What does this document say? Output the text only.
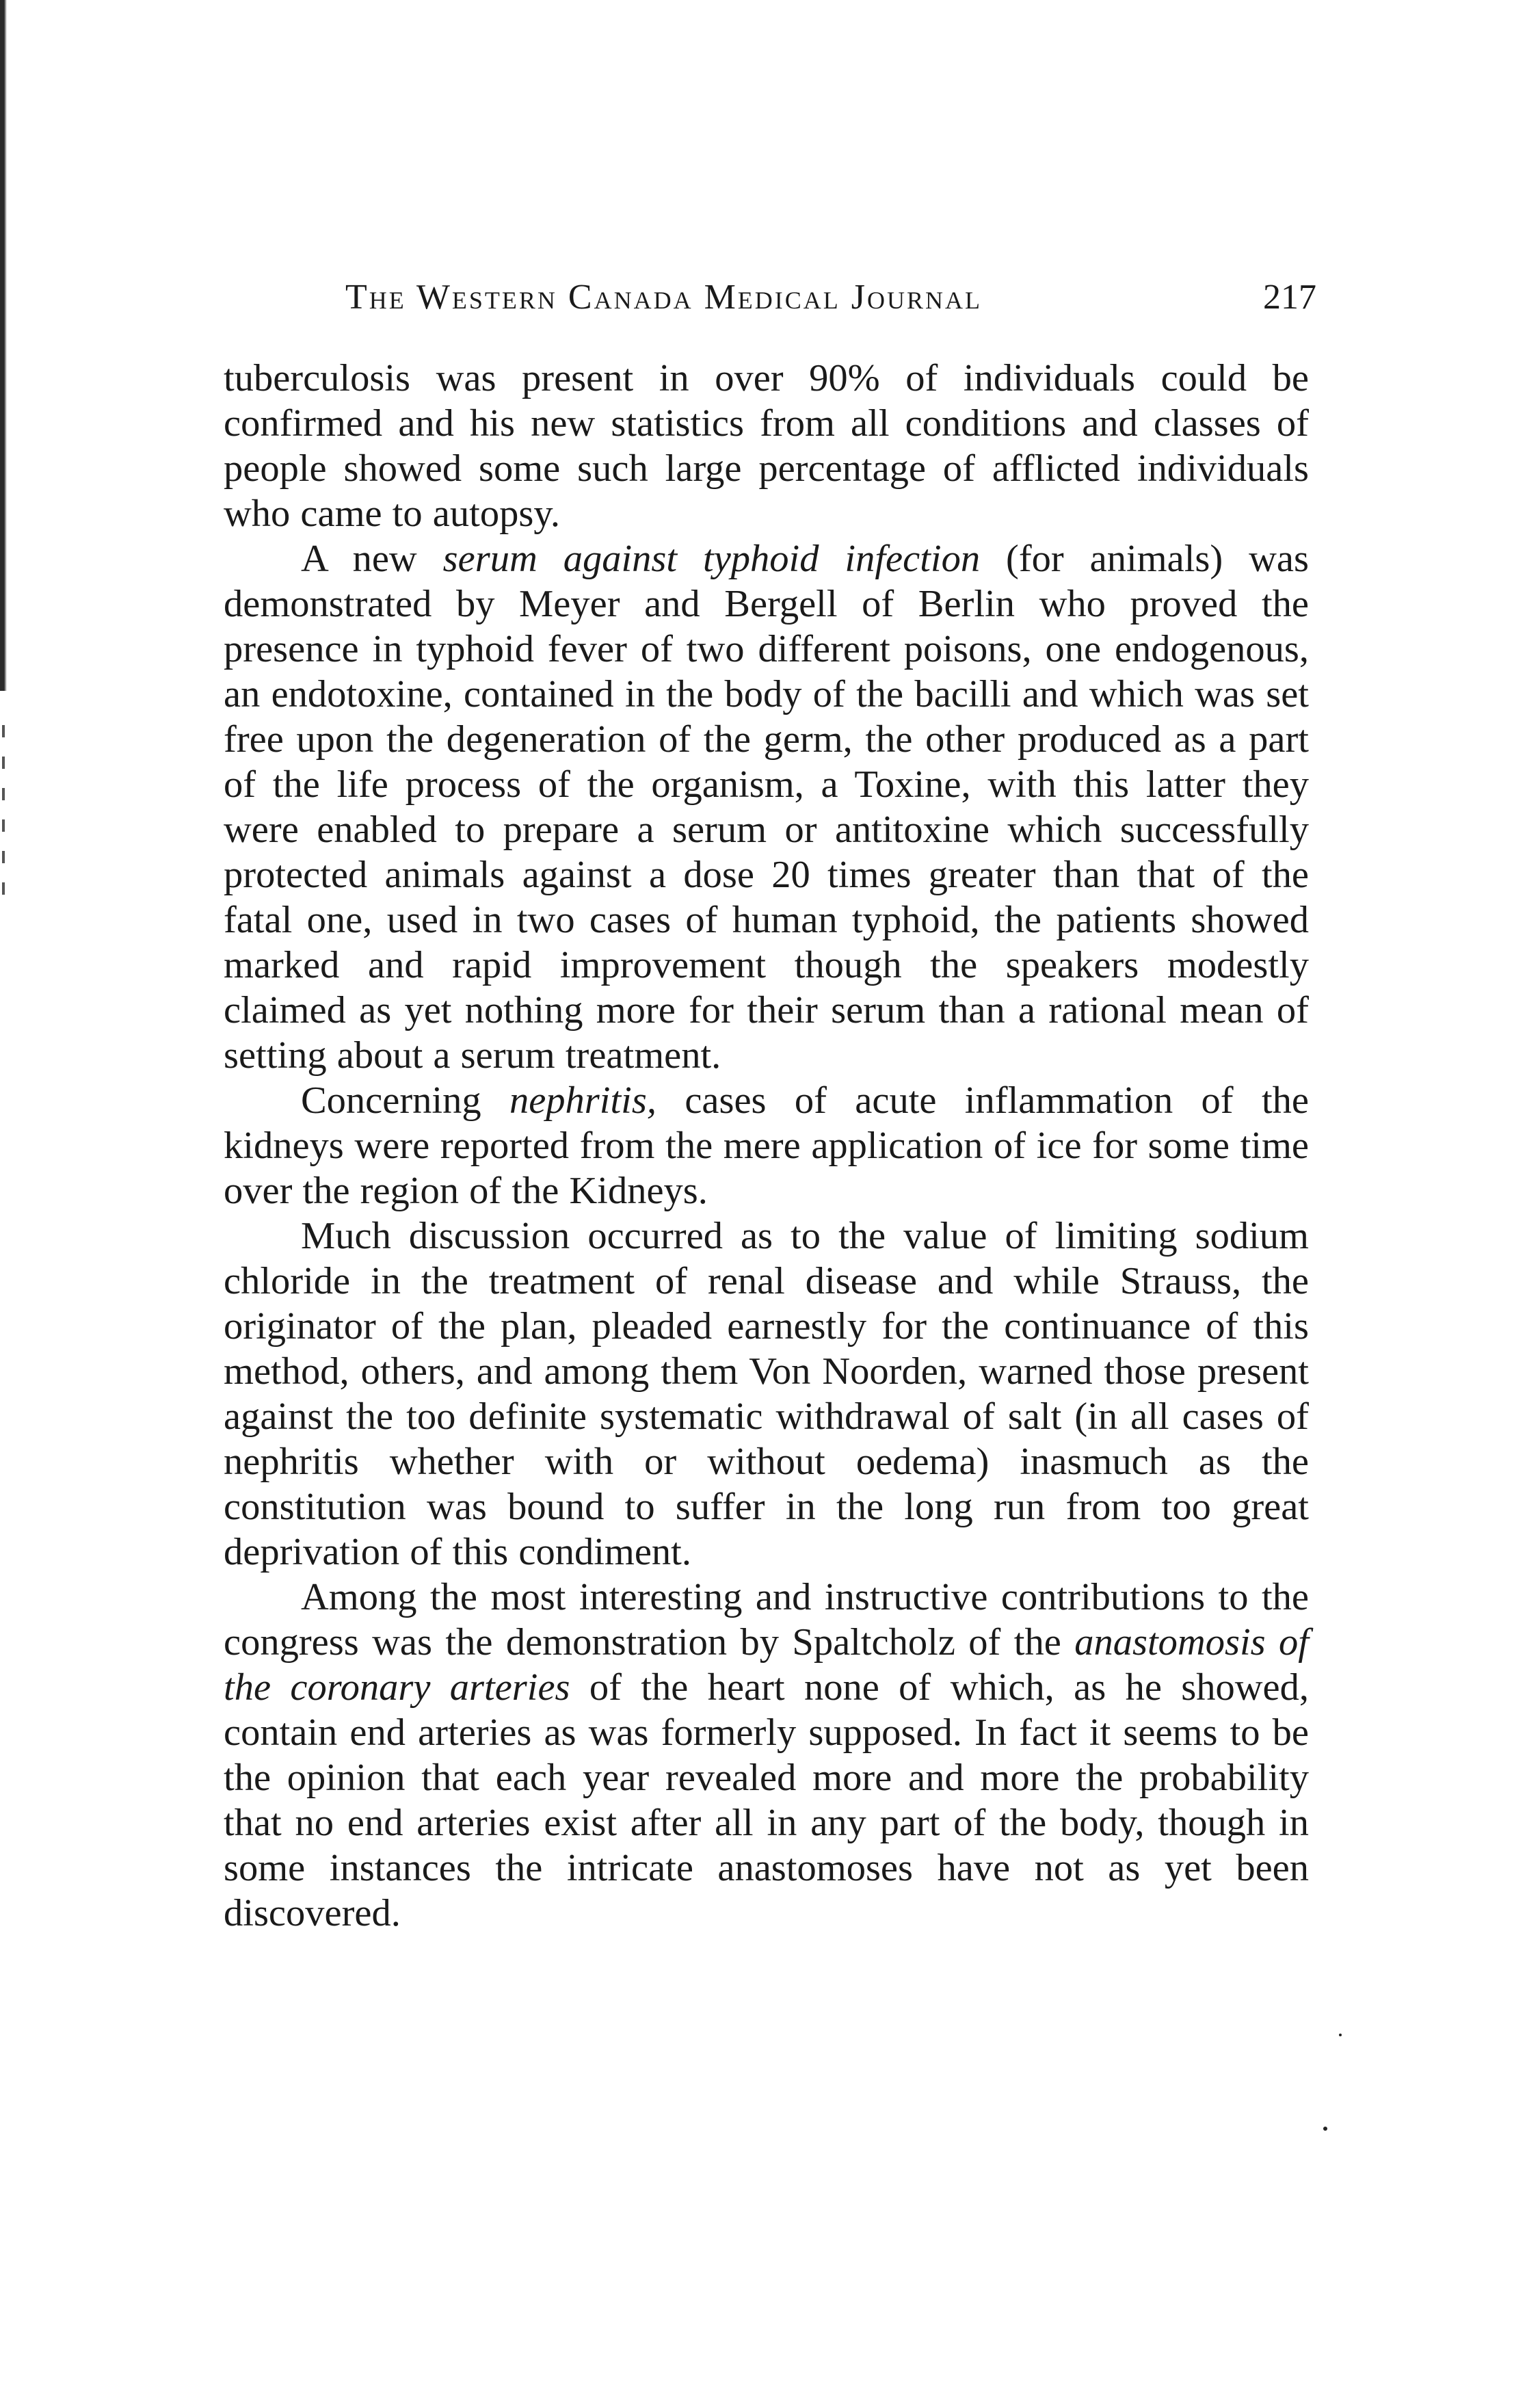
The Western Canada Medical Journal	217

tuberculosis was present in over 90% of individuals could be confirmed and his new statistics from all conditions and classes of people showed some such large percentage of afflicted individuals who came to autopsy.

A new serum against typhoid infection (for animals) was demonstrated by Meyer and Bergell of Berlin who proved the presence in typhoid fever of two different poisons, one endogenous, an endotoxine, contained in the body of the bacilli and which was set free upon the degeneration of the germ, the other produced as a part of the life process of the organism, a Toxine, with this latter they were enabled to prepare a serum or antitoxine which successfully protected animals against a dose 20 times greater than that of the fatal one, used in two cases of human typhoid, the patients showed marked and rapid improvement though the speakers modestly claimed as yet nothing more for their serum than a rational mean of setting about a serum treatment.

Concerning nephritis, cases of acute inflammation of the kidneys were reported from the mere application of ice for some time over the region of the Kidneys.

Much discussion occurred as to the value of limiting sodium chloride in the treatment of renal disease and while Strauss, the originator of the plan, pleaded earnestly for the continuance of this method, others, and among them Von Noorden, warned those present against the too definite systematic withdrawal of salt (in all cases of nephritis whether with or without oedema) inasmuch as the constitution was bound to suffer in the long run from too great deprivation of this condiment.

Among the most interesting and instructive contributions to the congress was the demonstration by Spaltcholz of the anastomosis of the coronary arteries of the heart none of which, as he showed, contain end arteries as was formerly supposed. In fact it seems to be the opinion that each year revealed more and more the probability that no end arteries exist after all in any part of the body, though in some instances the intricate anastomoses have not as yet been discovered.
